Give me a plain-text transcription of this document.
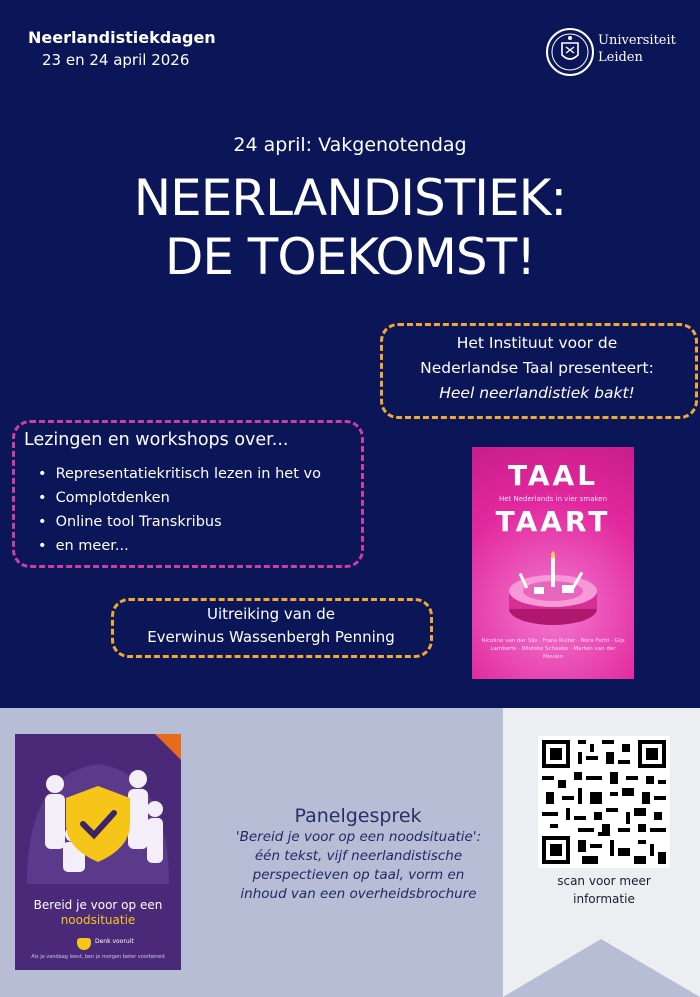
Neerlandistiekdagen
23 en 24 april 2026
Universiteit
Leiden
24 april: Vakgenotendag
NEERLANDISTIEK:
DE TOEKOMST!
Het Instituut voor de
Nederlandse Taal presenteert:
Heel neerlandistiek bakt!
Lezingen en workshops over...
• Representatiekritisch lezen in het vo
• Complotdenken
• Online tool Transkribus
• en meer...
Uitreiking van de
Everwinus Wassenbergh Penning
TAAL
Het Nederlands in vier smaken
TAART
Nicoline van der Sijs · Frans Ruiter · Nora Fertil · Gijs Lamberts · Wietske Schaake · Marten van der Meulen
Bereid je voor op een
noodsituatie
Denk vooruit
Als je vandaag leest, ben je morgen beter voorbereid
Panelgesprek
'Bereid je voor op een noodsituatie':
één tekst, vijf neerlandistische
perspectieven op taal, vorm en
inhoud van een overheidsbrochure
scan voor meer
informatie
